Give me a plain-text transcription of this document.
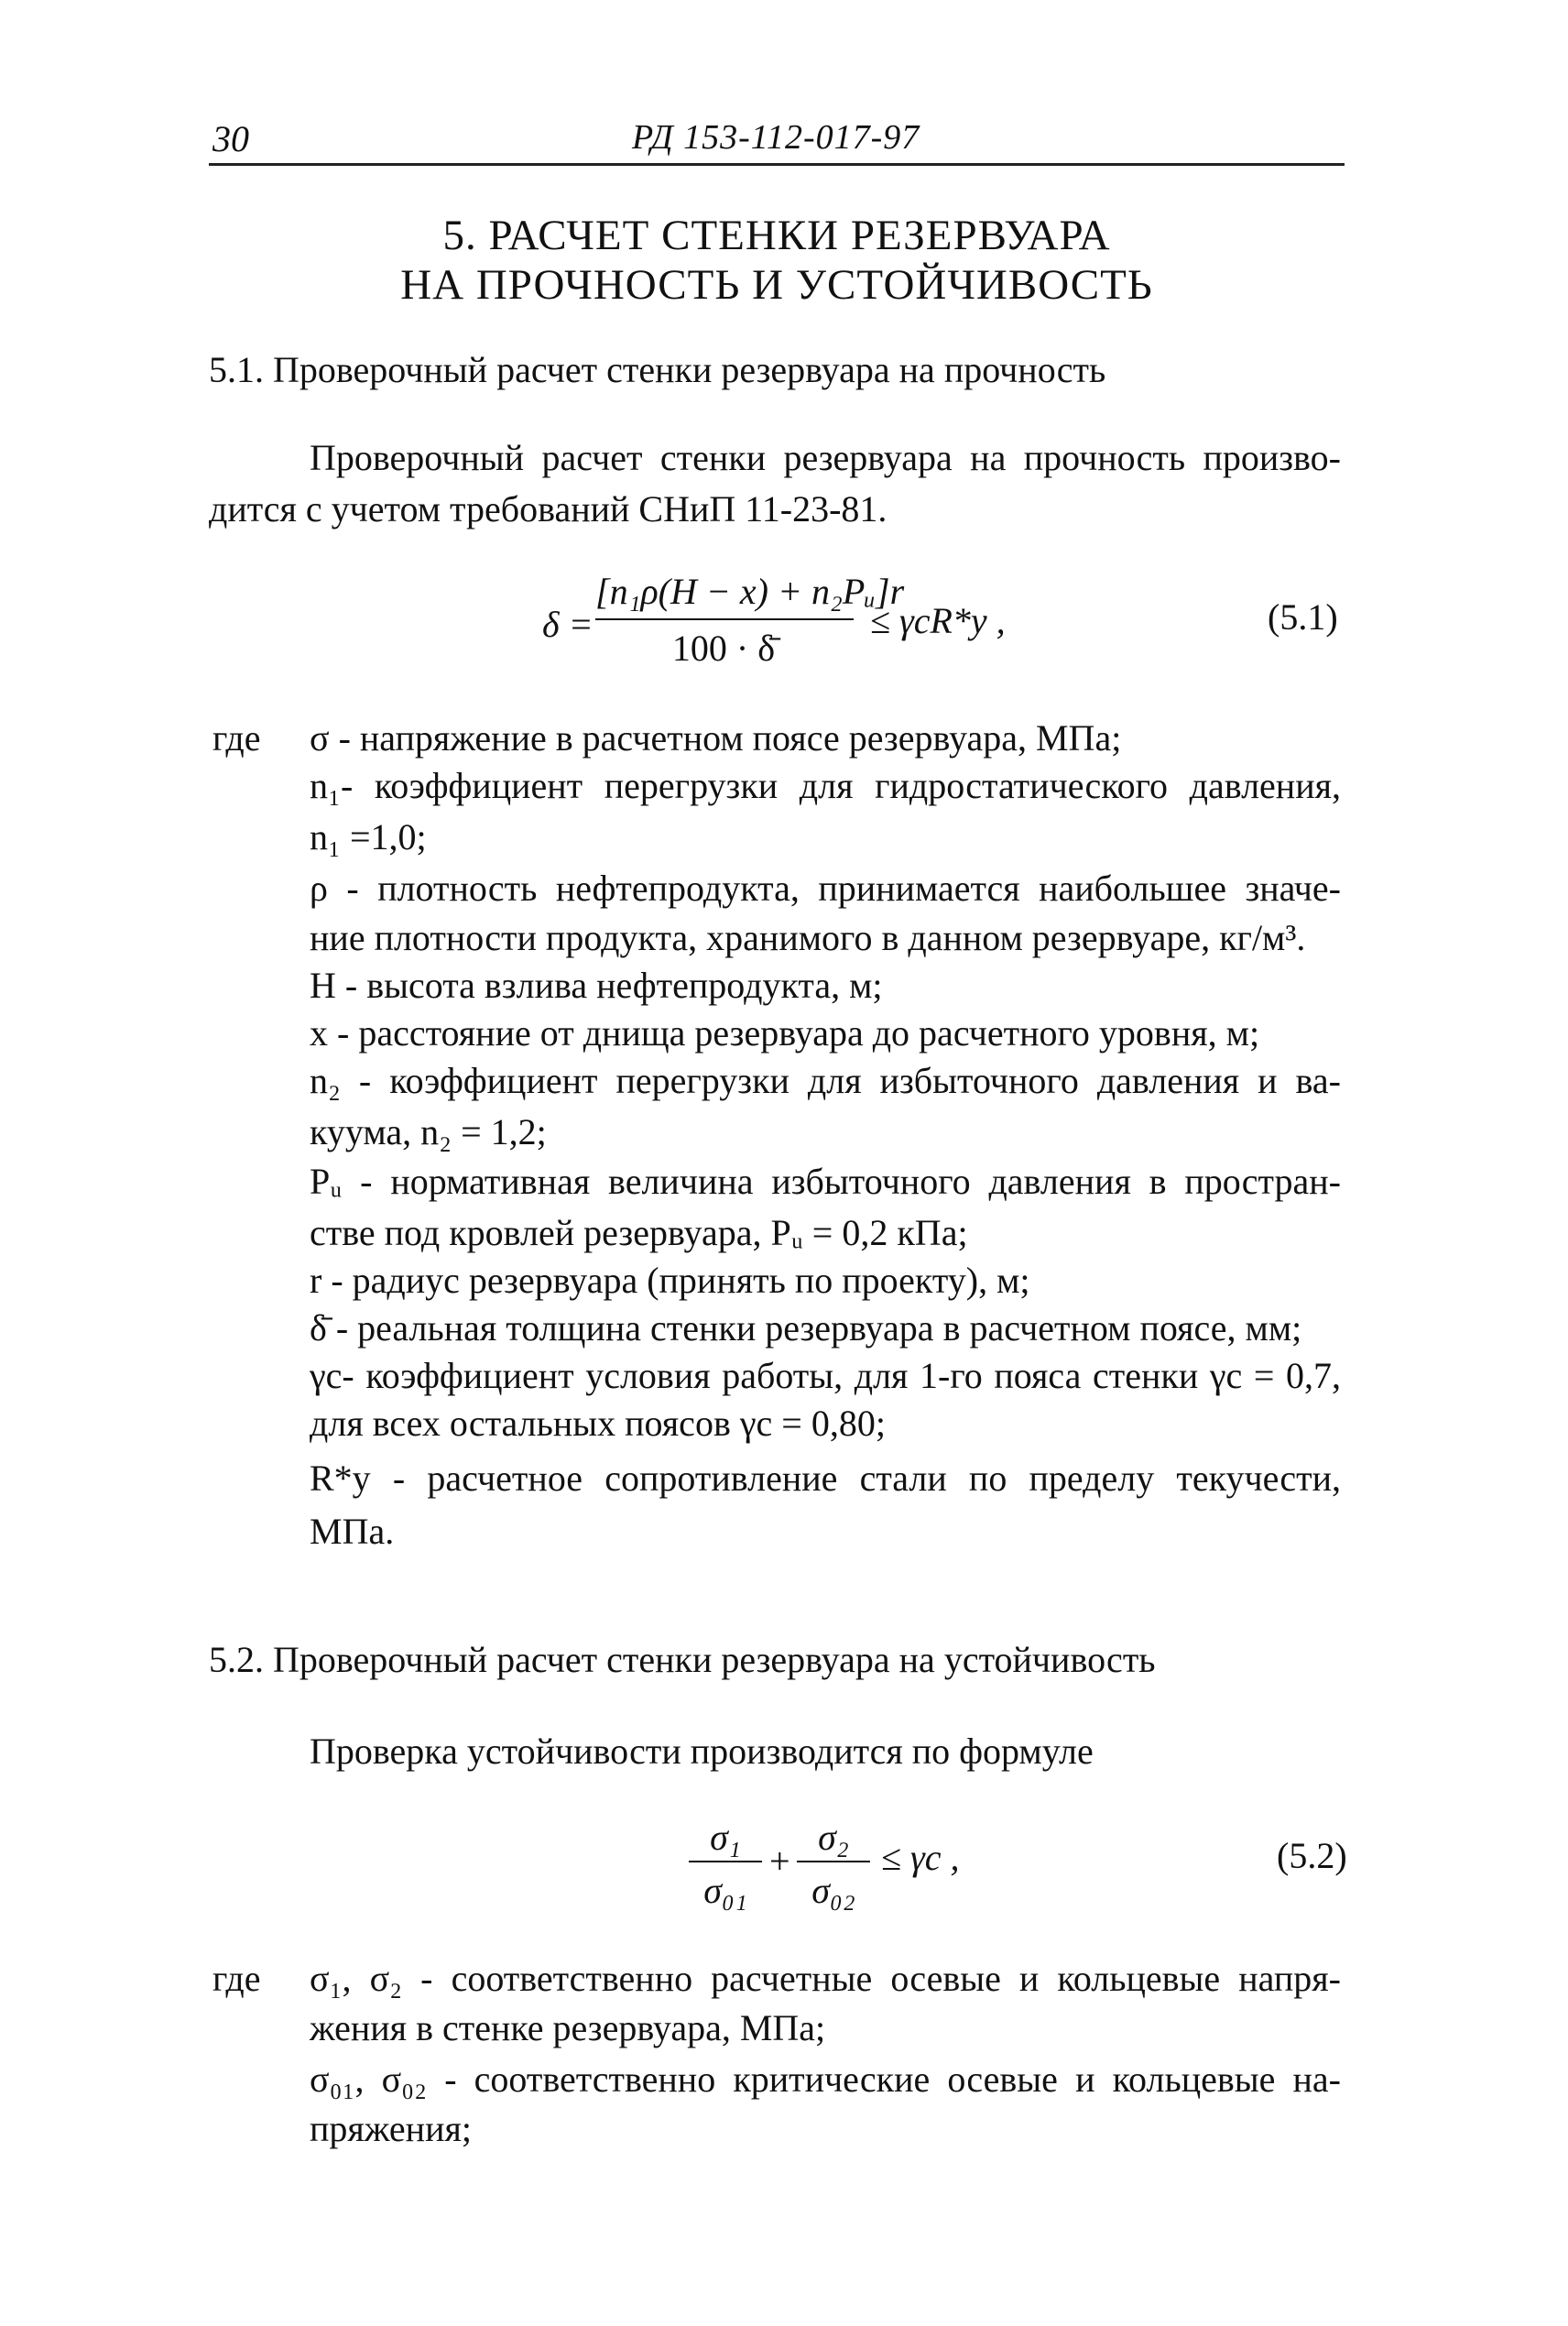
30	РД 153-112-017-97
5. РАСЧЕТ СТЕНКИ РЕЗЕРВУАРА
НА ПРОЧНОСТЬ И УСТОЙЧИВОСТЬ
5.1. Проверочный расчет стенки резервуара на прочность
Проверочный расчет стенки резервуара на прочность произво-
дится с учетом требований СНиП 11-23-81.
δ =
[n₁ρ(H − x) + n₂Pᵤ]r
100 · δ̄
≤ γcR*y ,	(5.1)
где σ - напряжение в расчетном поясе резервуара, МПа;
n₁- коэффициент перегрузки для гидростатического давления,
n₁ =1,0;
ρ - плотность нефтепродукта, принимается наибольшее значе-
ние плотности продукта, хранимого в данном резервуаре, кг/м³.
H - высота взлива нефтепродукта, м;
x - расстояние от днища резервуара до расчетного уровня, м;
n₂ - коэффициент перегрузки для избыточного давления и ва-
куума, n₂ = 1,2;
Pᵤ - нормативная величина избыточного давления в простран-
стве под кровлей резервуара, Pᵤ = 0,2 кПа;
r - радиус резервуара (принять по проекту), м;
δ̄ - реальная толщина стенки резервуара в расчетном поясе, мм;
γc- коэффициент условия работы, для 1-го пояса стенки γc = 0,7,
для всех остальных поясов γc = 0,80;
R*y - расчетное сопротивление стали по пределу текучести,
МПа.
5.2. Проверочный расчет стенки резервуара на устойчивость
Проверка устойчивости производится по формуле
σ₁
σ₀₁
+
σ₂
σ₀₂
≤ γc ,	(5.2)
где σ₁, σ₂ - соответственно расчетные осевые и кольцевые напря-
жения в стенке резервуара, МПа;
σ₀₁, σ₀₂ - соответственно критические осевые и кольцевые на-
пряжения;
